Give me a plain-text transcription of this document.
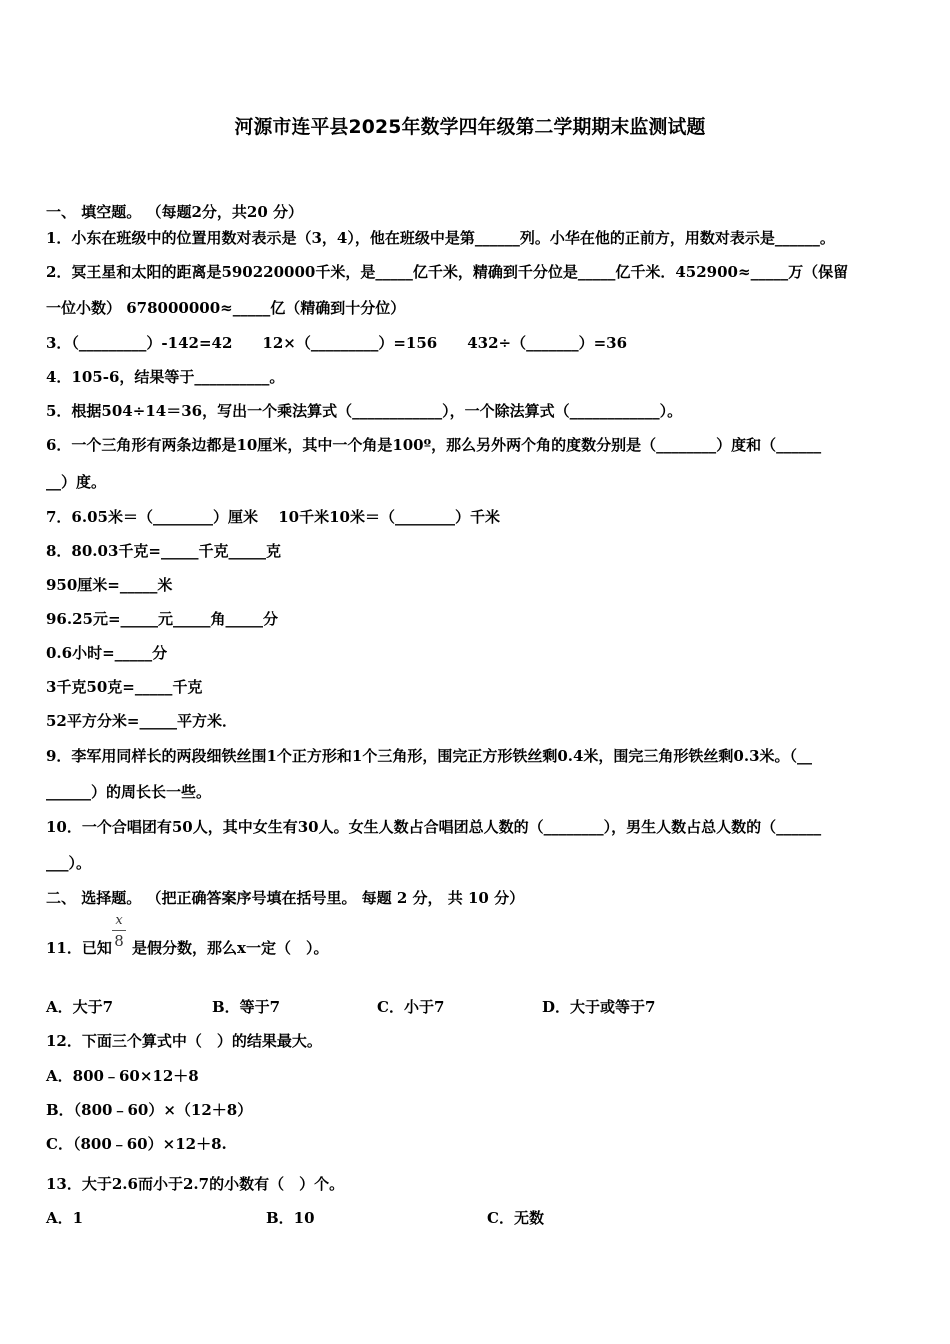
河源市连平县2025年数学四年级第二学期期末监测试题
一、 填空题。 （每题2分，共20 分）
1．小东在班级中的位置用数对表示是（3，4），他在班级中是第______列。小华在他的正前方，用数对表示是______。
2．冥王星和太阳的距离是590220000千米，是_____亿千米，精确到千分位是_____亿千米．452900≈_____万（保留
一位小数） 678000000≈_____亿（精确到十分位）
3．（_________）-142=42　　12×（_________）=156　　432÷（_______）=36
4．105-6，结果等于__________。
5．根据504÷14＝36，写出一个乘法算式（____________），一个除法算式（____________）。
6．一个三角形有两条边都是10厘米，其中一个角是100º，那么另外两个角的度数分别是（________）度和（______
__）度。
7．6.05米＝（________）厘米　 10千米10米＝（________）千米
8．80.03千克=_____千克_____克
950厘米=_____米
96.25元=_____元_____角_____分
0.6小时=_____分
3千克50克=_____千克
52平方分米=_____平方米．
9．李军用同样长的两段细铁丝围1个正方形和1个三角形，围完正方形铁丝剩0.4米，围完三角形铁丝剩0.3米。（__
______）的周长长一些。
10．一个合唱团有50人，其中女生有30人。女生人数占合唱团总人数的（________），男生人数占总人数的（______
___）。
二、 选择题。 （把正确答案序号填在括号里。 每题 2 分， 共 10 分）
11．已知
x
8 是假分数，那么x一定（　）。
A．大于7	B．等于7	C．小于7	D．大于或等于7
12．下面三个算式中（　）的结果最大。
A．800﹣60×12＋8
B．（800﹣60）×（12＋8）
C．（800﹣60）×12＋8.
13．大于2.6而小于2.7的小数有（　）个。
A．1	B．10	C．无数
